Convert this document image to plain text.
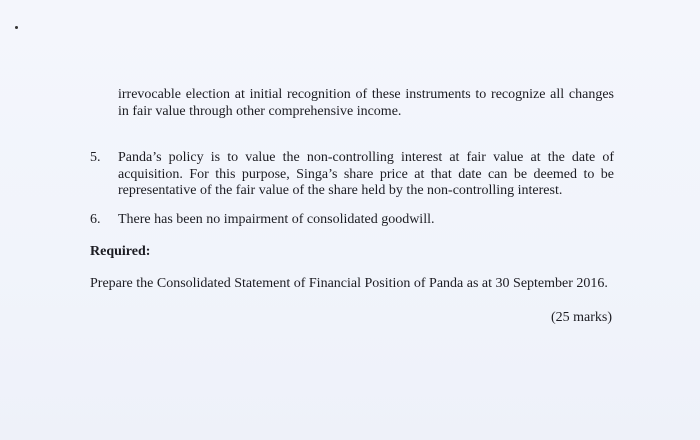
irrevocable election at initial recognition of these instruments to recognize all changes in fair value through other comprehensive income.

5.	Panda’s policy is to value the non-controlling interest at fair value at the date of acquisition. For this purpose, Singa’s share price at that date can be deemed to be representative of the fair value of the share held by the non-controlling interest.
6.	There has been no impairment of consolidated goodwill.
Required:
Prepare the Consolidated Statement of Financial Position of Panda as at 30 September 2016.
(25 marks)
